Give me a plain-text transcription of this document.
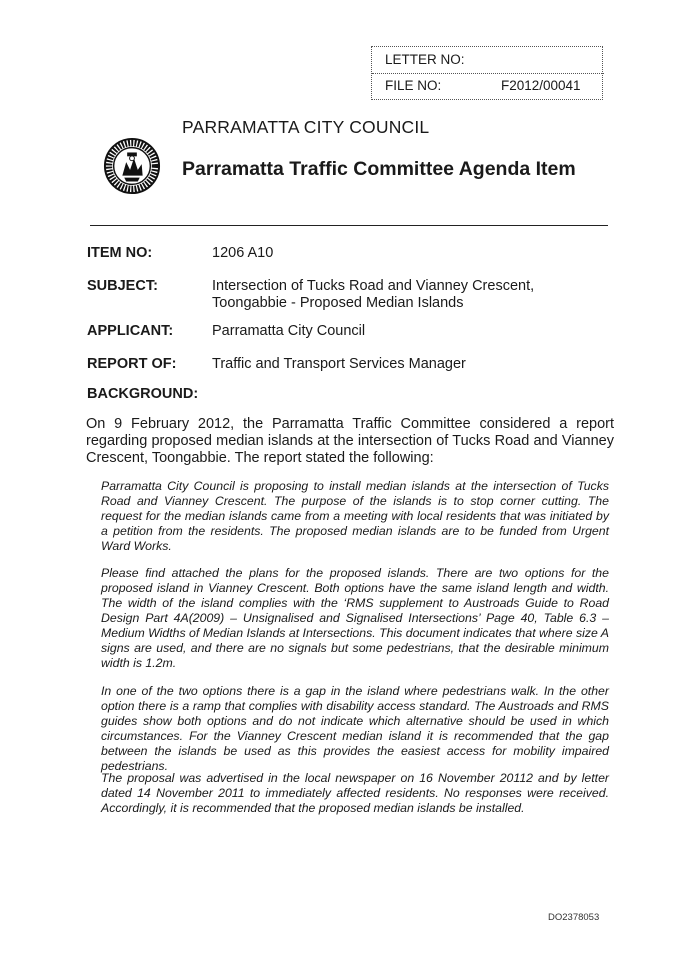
LETTER NO:
FILE NO:	F2012/00041
PARRAMATTA CITY COUNCIL
Parramatta Traffic Committee Agenda Item
ITEM NO:	1206 A10
SUBJECT:	Intersection of Tucks Road and Vianney Crescent, Toongabbie - Proposed Median Islands
APPLICANT:	Parramatta City Council
REPORT OF: Traffic and Transport Services Manager
BACKGROUND:
On 9 February 2012, the Parramatta Traffic Committee considered a report regarding proposed median islands at the intersection of Tucks Road and Vianney Crescent, Toongabbie. The report stated the following:
Parramatta City Council is proposing to install median islands at the intersection of Tucks Road and Vianney Crescent. The purpose of the islands is to stop corner cutting. The request for the median islands came from a meeting with local residents that was initiated by a petition from the residents. The proposed median islands are to be funded from Urgent Ward Works.
Please find attached the plans for the proposed islands. There are two options for the proposed island in Vianney Crescent. Both options have the same island length and width. The width of the island complies with the ‘RMS supplement to Austroads Guide to Road Design Part 4A(2009) – Unsignalised and Signalised Intersections’ Page 40, Table 6.3 – Medium Widths of Median Islands at Intersections. This document indicates that where size A signs are used, and there are no signals but some pedestrians, that the desirable minimum width is 1.2m.
In one of the two options there is a gap in the island where pedestrians walk. In the other option there is a ramp that complies with disability access standard. The Austroads and RMS guides show both options and do not indicate which alternative should be used in which circumstances. For the Vianney Crescent median island it is recommended that the gap between the islands be used as this provides the easiest access for mobility impaired pedestrians.
The proposal was advertised in the local newspaper on 16 November 20112 and by letter dated 14 November 2011 to immediately affected residents. No responses were received. Accordingly, it is recommended that the proposed median islands be installed.
DO2378053
